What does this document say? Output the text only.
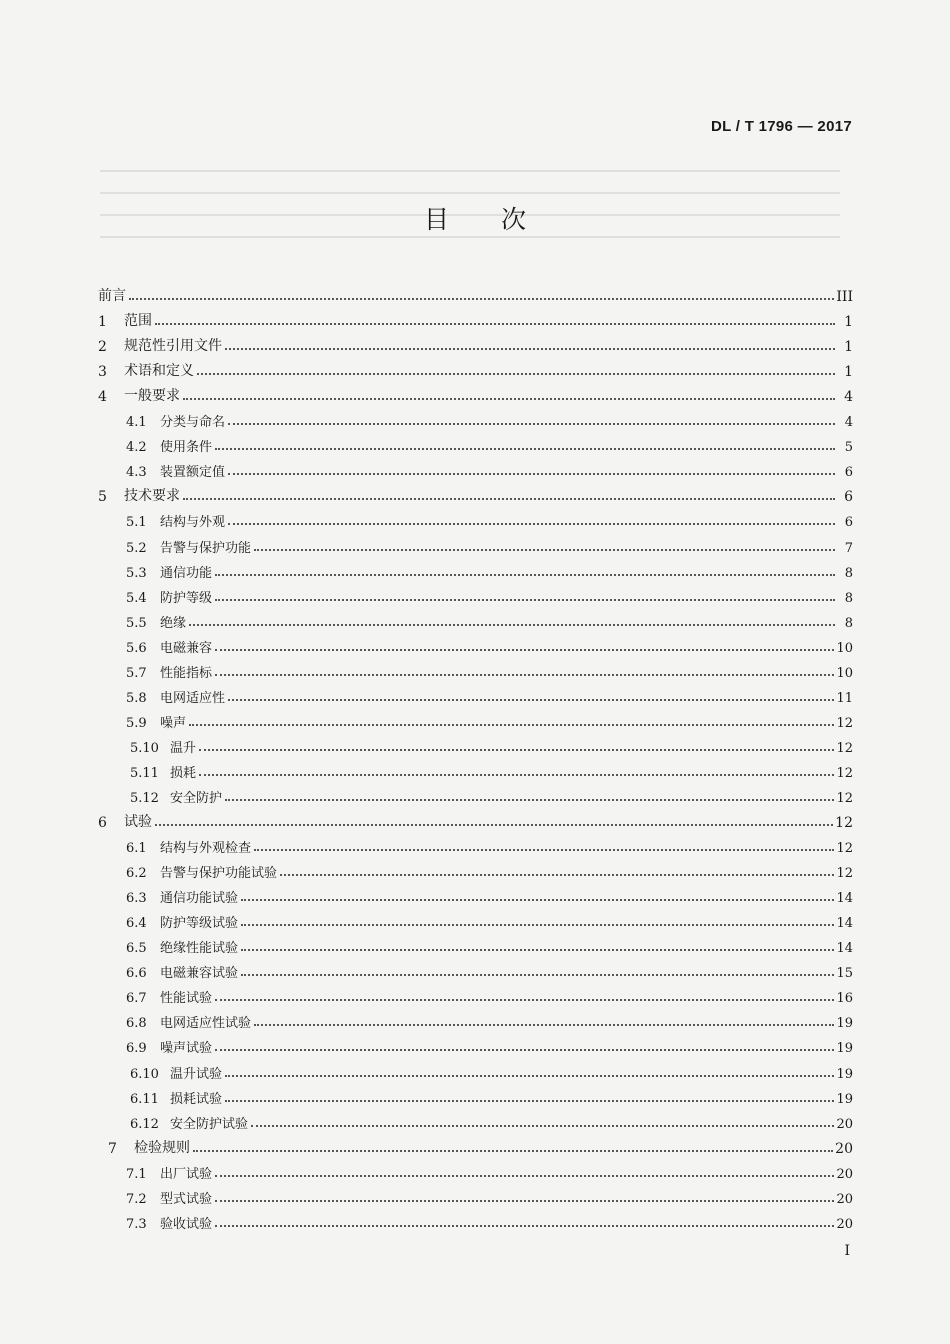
DL / T 1796 — 2017
目次
前言	III
1	范围	1
2	规范性引用文件	1
3	术语和定义	1
4	一般要求	4
4.1	分类与命名	4
4.2	使用条件	5
4.3	装置额定值	6
5	技术要求	6
5.1	结构与外观	6
5.2	告警与保护功能	7
5.3	通信功能	8
5.4	防护等级	8
5.5	绝缘	8
5.6	电磁兼容	10
5.7	性能指标	10
5.8	电网适应性	11
5.9	噪声	12
5.10 温升	12
5.11 损耗	12
5.12 安全防护	12
6	试验	12
6.1	结构与外观检查	12
6.2	告警与保护功能试验	12
6.3	通信功能试验	14
6.4	防护等级试验	14
6.5	绝缘性能试验	14
6.6	电磁兼容试验	15
6.7	性能试验	16
6.8	电网适应性试验	19
6.9	噪声试验	19
6.10 温升试验	19
6.11 损耗试验	19
6.12 安全防护试验	20
7	检验规则	20
7.1	出厂试验	20
7.2	型式试验	20
7.3	验收试验	20
I
